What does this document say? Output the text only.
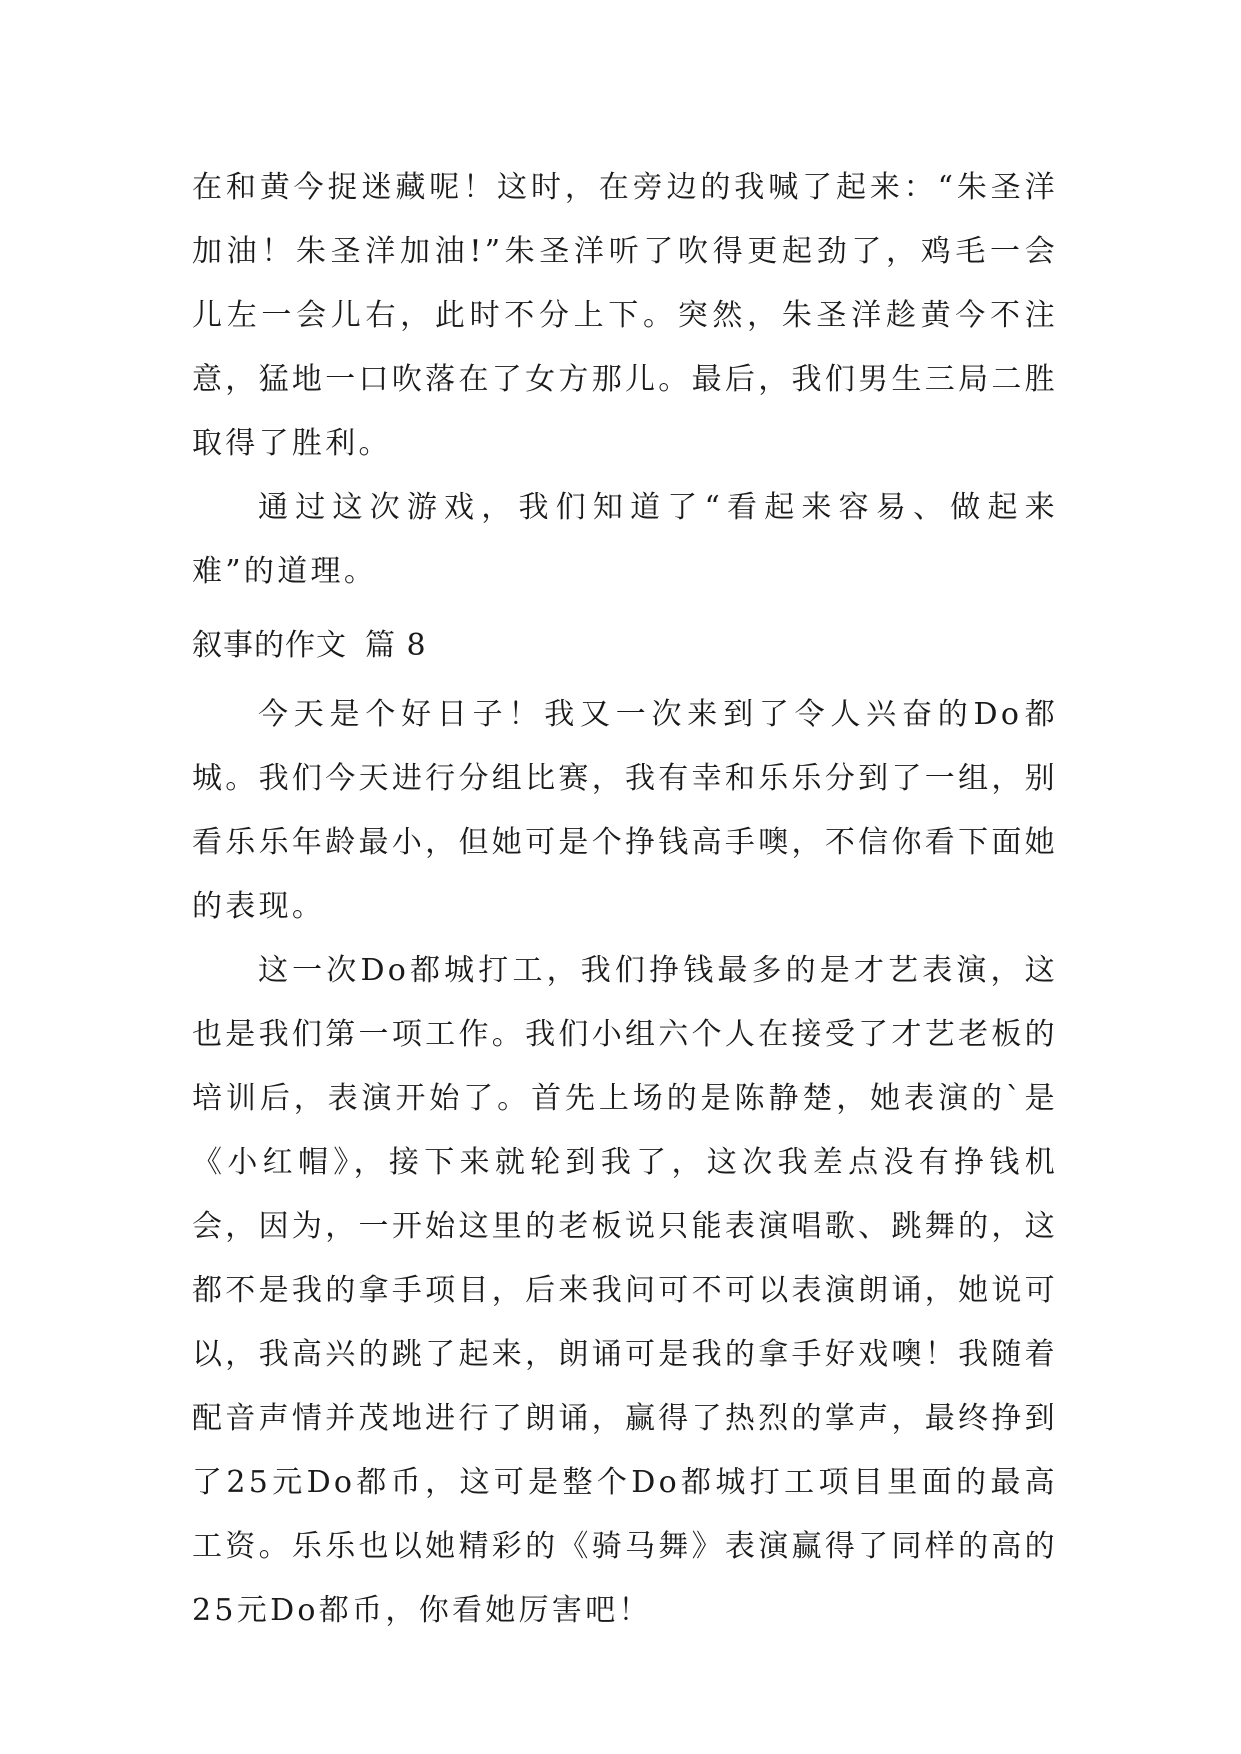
在和黄今捉迷藏呢！这时，在旁边的我喊了起来：“朱圣洋加油！朱圣洋加油!”朱圣洋听了吹得更起劲了，鸡毛一会儿左一会儿右，此时不分上下。突然，朱圣洋趁黄今不注意，猛地一口吹落在了女方那儿。最后，我们男生三局二胜取得了胜利。

通过这次游戏，我们知道了“看起来容易、做起来难”的道理。

叙事的作文 篇 8

今天是个好日子！我又一次来到了令人兴奋的Do都城。我们今天进行分组比赛，我有幸和乐乐分到了一组，别看乐乐年龄最小，但她可是个挣钱高手噢，不信你看下面她的表现。

这一次Do都城打工，我们挣钱最多的是才艺表演，这也是我们第一项工作。我们小组六个人在接受了才艺老板的培训后，表演开始了。首先上场的是陈静楚，她表演的`是《小红帽》，接下来就轮到我了，这次我差点没有挣钱机会，因为，一开始这里的老板说只能表演唱歌、跳舞的，这都不是我的拿手项目，后来我问可不可以表演朗诵，她说可以，我高兴的跳了起来，朗诵可是我的拿手好戏噢！我随着配音声情并茂地进行了朗诵，赢得了热烈的掌声，最终挣到了25元Do都币，这可是整个Do都城打工项目里面的最高工资。乐乐也以她精彩的《骑马舞》表演赢得了同样的高的25元Do都币，你看她厉害吧！
